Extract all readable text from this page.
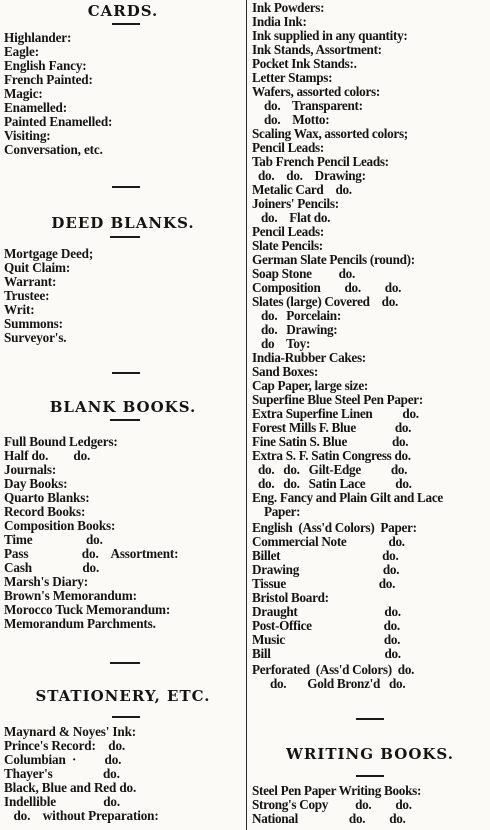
CARDS.
Highlander:
Eagle:
English Fancy:
French Painted:
Magic:
Enamelled:
Painted Enamelled:
Visiting:
Conversation, etc.
DEED BLANKS.
Mortgage Deed;
Quit Claim:
Warrant:
Trustee:
Writ:
Summons:
Surveyor's.
BLANK BOOKS.
Full Bound Ledgers:
Half do.        do.
Journals:
Day Books:
Quarto Blanks:
Record Books:
Composition Books:
Time                 do.
Pass                 do.    Assortment:
Cash                do.
Marsh's Diary:
Brown's Memorandum:
Morocco Tuck Memorandum:
Memorandum Parchments.
STATIONERY, ETC.
Maynard & Noyes' Ink:
Prince's Record:    do.
Columbian  ·         do.
Thayer's                do.
Black, Blue and Red do.
Indellible               do.
do.    without Preparation:
Ink Powders:
India Ink:
Ink supplied in any quantity:
Ink Stands, Assortment:
Pocket Ink Stands:.
Letter Stamps:
Wafers, assorted colors:
do.    Transparent:
do.    Motto:
Scaling Wax, assorted colors;
Pencil Leads:
Tab French Pencil Leads:
do.    do.    Drawing:
Metalic Card    do.
Joiners' Pencils:
do.    Flat do.
Pencil Leads:
Slate Pencils:
German Slate Pencils (round):
Soap Stone         do.
Composition        do.        do.
Slates (large) Covered    do.
do.   Porcelain:
do.   Drawing:
do    Toy:
India-Rubber Cakes:
Sand Boxes:
Cap Paper, large size:
Superfine Blue Steel Pen Paper:
Extra Superfine Linen          do.
Forest Mills F. Blue             do.
Fine Satin S. Blue               do.
Extra S. F. Satin Congress do.
do.   do.   Gilt-Edge          do.
do.   do.   Satin Lace          do.
Eng. Fancy and Plain Gilt and Lace
Paper:
English  (Ass'd Colors)  Paper:
Commercial Note              do.
Billet                                  do.
Drawing                            do.
Tissue                               do.
Bristol Board:
Draught                             do.
Post-Office                        do.
Music                                 do.
Bill                                      do.
Perforated  (Ass'd Colors)  do.
do.       Gold Bronz'd   do.
WRITING BOOKS.
Steel Pen Paper Writing Books:
Strong's Copy         do.        do.
National                 do.        do.
